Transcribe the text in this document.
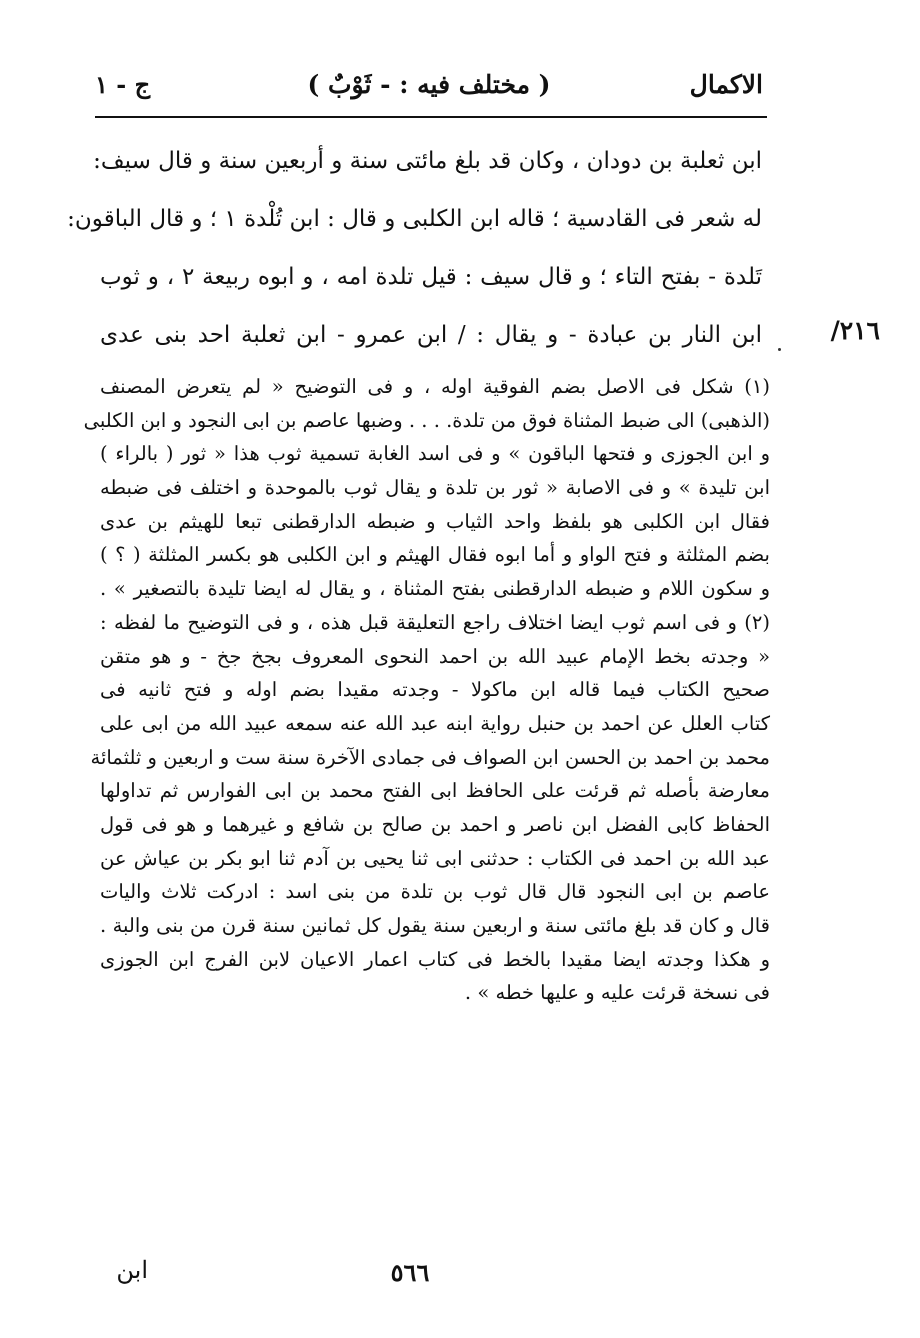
الاكمال
( مختلف فيه : - ثَوْبٌ )
ج - ١
ابن ثعلبة بن دودان ، وكان قد بلغ مائتى سنة و أربعين سنة و قال سيف:
له شعر فى القادسية ؛ قاله ابن الكلبى و قال : ابن تُلْدة ١ ؛ و قال الباقون:
تَلدة - بفتح التاء ؛ و قال سيف : قيل تلدة امه ، و ابوه ربيعة ٢ ، و ثوب
ابن النار بن عبادة - و يقال : / ابن عمرو - ابن ثعلبة احد بنى عدى	٢١٦/
(١) شكل فى الاصل بضم الفوقية اوله ، و فى التوضيح « لم يتعرض المصنف
(الذهبى) الى ضبط المثناة فوق من تلدة. . . . وضبها عاصم بن ابى النجود و ابن الكلبى
و ابن الجوزى و فتحها الباقون » و فى اسد الغابة تسمية ثوب هذا « ثور ( بالراء )
ابن تليدة » و فى الاصابة « ثور بن تلدة و يقال ثوب بالموحدة و اختلف فى ضبطه
فقال ابن الكلبى هو بلفظ واحد الثياب و ضبطه الدارقطنى تبعا للهيثم بن عدى
بضم المثلثة و فتح الواو و أما ابوه فقال الهيثم و ابن الكلبى هو بكسر المثلثة ( ؟ )
و سكون اللام و ضبطه الدارقطنى بفتح المثناة ، و يقال له ايضا تليدة بالتصغير » .
(٢) و فى اسم ثوب ايضا اختلاف راجع التعليقة قبل هذه ، و فى التوضيح ما لفظه :
« وجدته بخط الإمام عبيد الله بن احمد النحوى المعروف بجخ جخ - و هو متقن
صحيح الكتاب فيما قاله ابن ماكولا - وجدته مقيدا بضم اوله و فتح ثانيه فى
كتاب العلل عن احمد بن حنبل رواية ابنه عبد الله عنه سمعه عبيد الله من ابى على
محمد بن احمد بن الحسن ابن الصواف فى جمادى الآخرة سنة ست و اربعين و ثلثمائة
معارضة بأصله ثم قرئت على الحافظ ابى الفتح محمد بن ابى الفوارس ثم تداولها
الحفاظ كابى الفضل ابن ناصر و احمد بن صالح بن شافع و غيرهما و هو فى قول
عبد الله بن احمد فى الكتاب : حدثنى ابى ثنا يحيى بن آدم ثنا ابو بكر بن عياش عن
عاصم بن ابى النجود قال قال ثوب بن تلدة من بنى اسد : ادركت ثلاث واليات
قال و كان قد بلغ مائتى سنة و اربعين سنة يقول كل ثمانين سنة قرن من بنى والبة .
و هكذا وجدته ايضا مقيدا بالخط فى كتاب اعمار الاعيان لابن الفرج ابن الجوزى
فى نسخة قرئت عليه و عليها خطه » .
٥٦٦
ابن
